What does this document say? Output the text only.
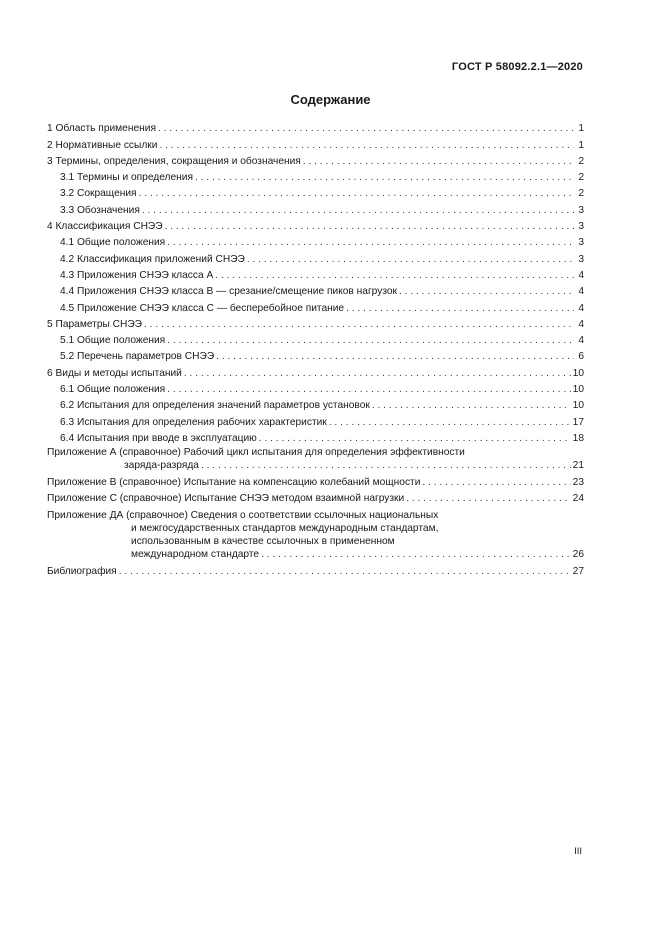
ГОСТ Р 58092.2.1—2020
Содержание
1 Область применения . . .	1
2 Нормативные ссылки . . .	1
3 Термины, определения, сокращения и обозначения . . .	2
3.1 Термины и определения . . .	2
3.2 Сокращения . . .	2
3.3 Обозначения . . .	3
4 Классификация СНЭЭ . . .	3
4.1 Общие положения . . .	3
4.2 Классификация приложений СНЭЭ . . .	3
4.3 Приложения СНЭЭ класса А . . .	4
4.4 Приложения СНЭЭ класса В — срезание/смещение пиков нагрузок . . .	4
4.5 Приложение СНЭЭ класса С — бесперебойное питание . . .	4
5 Параметры СНЭЭ . . .	4
5.1 Общие положения . . .	4
5.2 Перечень параметров СНЭЭ . . .	6
6 Виды и методы испытаний . . .	10
6.1 Общие положения . . .	10
6.2 Испытания для определения значений параметров установок . . .	10
6.3 Испытания для определения рабочих характеристик . . .	17
6.4 Испытания при вводе в эксплуатацию . . .	18
Приложение А (справочное) Рабочий цикл испытания для определения эффективности
заряда-разряда . . .	21
Приложение В (справочное) Испытание на компенсацию колебаний мощности . . .	23
Приложение С (справочное) Испытание СНЭЭ методом взаимной нагрузки . . .	24
Приложение ДА (справочное) Сведения о соответствии ссылочных национальных
и межгосударственных стандартов международным стандартам,
использованным в качестве ссылочных в примененном
международном стандарте . . .	26
Библиография . . .	27
III
